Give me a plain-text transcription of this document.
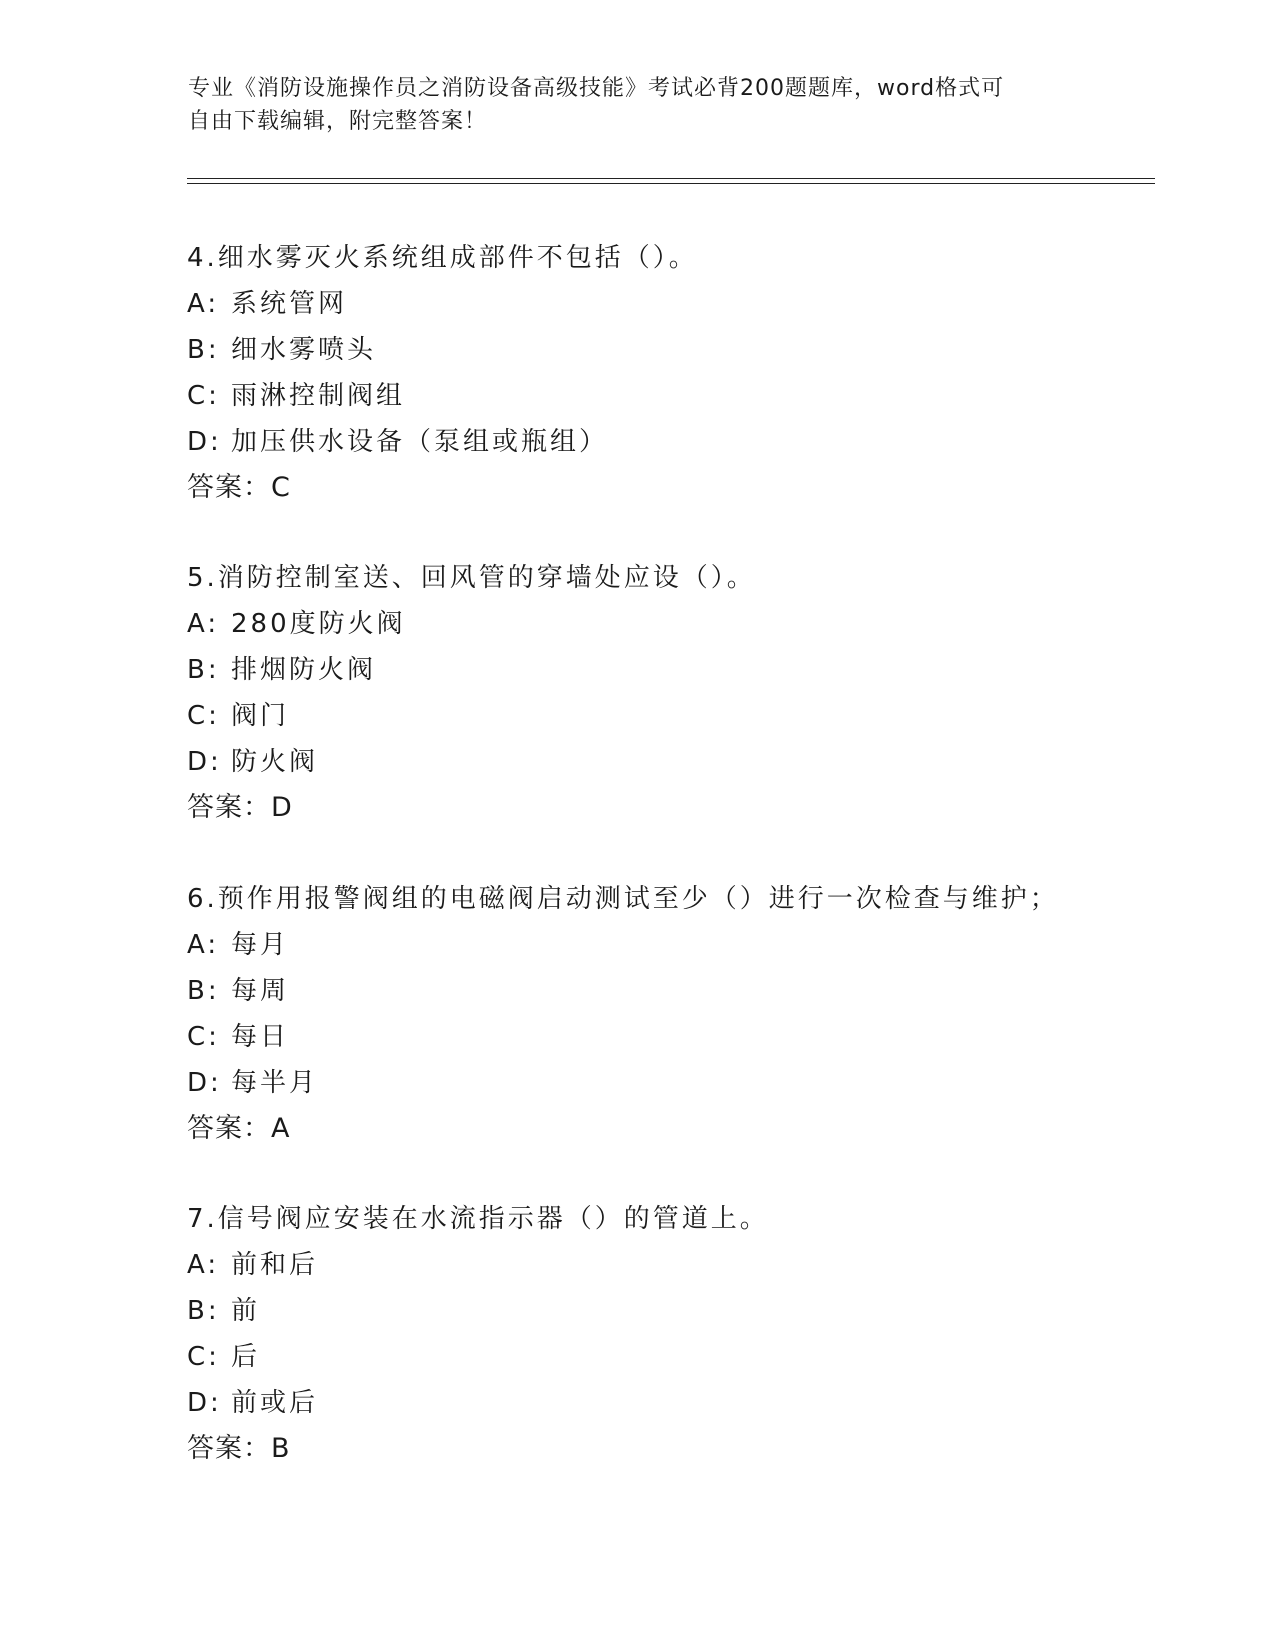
专业《消防设施操作员之消防设备高级技能》考试必背200题题库，word格式可
自由下载编辑，附完整答案！
4.细水雾灭火系统组成部件不包括（）。
A: 系统管网
B: 细水雾喷头
C: 雨淋控制阀组
D: 加压供水设备（泵组或瓶组）
答案：C
5.消防控制室送、回风管的穿墙处应设（）。
A: 280度防火阀
B: 排烟防火阀
C: 阀门
D: 防火阀
答案：D
6.预作用报警阀组的电磁阀启动测试至少（）进行一次检查与维护；
A: 每月
B: 每周
C: 每日
D: 每半月
答案：A
7.信号阀应安装在水流指示器（）的管道上。
A: 前和后
B: 前
C: 后
D: 前或后
答案：B
